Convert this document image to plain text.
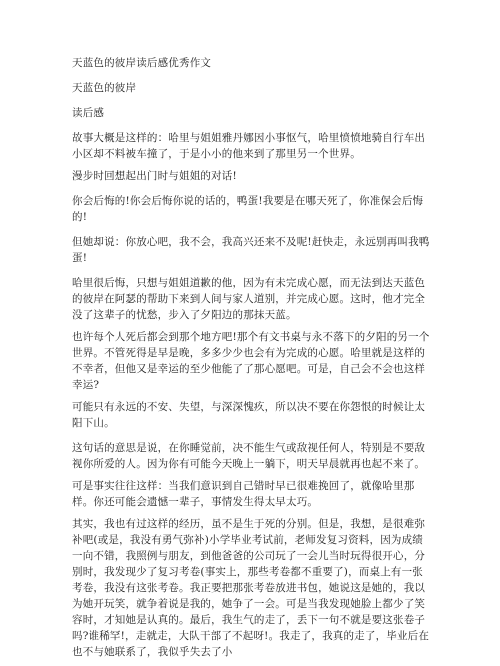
天蓝色的彼岸读后感优秀作文

天蓝色的彼岸

读后感

故事大概是这样的：哈里与姐姐雅丹娜因小事怄气，哈里愤愤地骑自行车出小区却不料被车撞了，于是小小的他来到了那里另一个世界。

漫步时回想起出门时与姐姐的对话!

你会后悔的!你会后悔你说的话的，鸭蛋!我要是在哪天死了，你准保会后悔的!

但她却说：你放心吧，我不会，我高兴还来不及呢!赶快走，永远别再叫我鸭蛋!

哈里很后悔，只想与姐姐道歉的他，因为有未完成心愿，而无法到达天蓝色的彼岸在阿瑟的帮助下来到人间与家人道别，并完成心愿。这时，他才完全没了这辈子的忧愁，步入了夕阳边的那抹天蓝。

也许每个人死后都会到那个地方吧!那个有文书桌与永不落下的夕阳的另一个世界。不管死得是早是晚，多多少少也会有为完成的心愿。哈里就是这样的不幸者，但他又是幸运的至少他能了了那心愿吧。可是，自己会不会也这样幸运?

可能只有永远的不安、失望，与深深愧疚，所以决不要在你怨恨的时候让太阳下山。

这句话的意思是说，在你睡觉前，决不能生气或敌视任何人，特别是不要敌视你所爱的人。因为你有可能今天晚上一躺下，明天早晨就再也起不来了。

可是事实往往这样：当我们意识到自己错时早已很难挽回了，就像哈里那样。你还可能会遗憾一辈子，事情发生得太早太巧。

其实，我也有过这样的经历，虽不是生于死的分别。但是，我想，是很难弥补吧(或是，我没有勇气弥补)小学毕业考试前，老师发复习资料，因为成绩一向不错，我照例与朋友，到他爸爸的公司玩了一会儿当时玩得很开心，分别时，我发现少了复习考卷(事实上，那些考卷都不重要了)，而桌上有一张考卷，我没有这张考卷。我正要把那张考卷放进书包，她说这是她的，我以为她开玩笑，就争着说是我的，她争了一会。可是当我发现她脸上都少了笑容时，才知她是认真的。最后，我生气的走了，丢下一句不就是要这张卷子吗?谁稀罕!，走就走，大队干部了不起呀!。我走了，我真的走了，毕业后在也不与她联系了，我似乎失去了小
